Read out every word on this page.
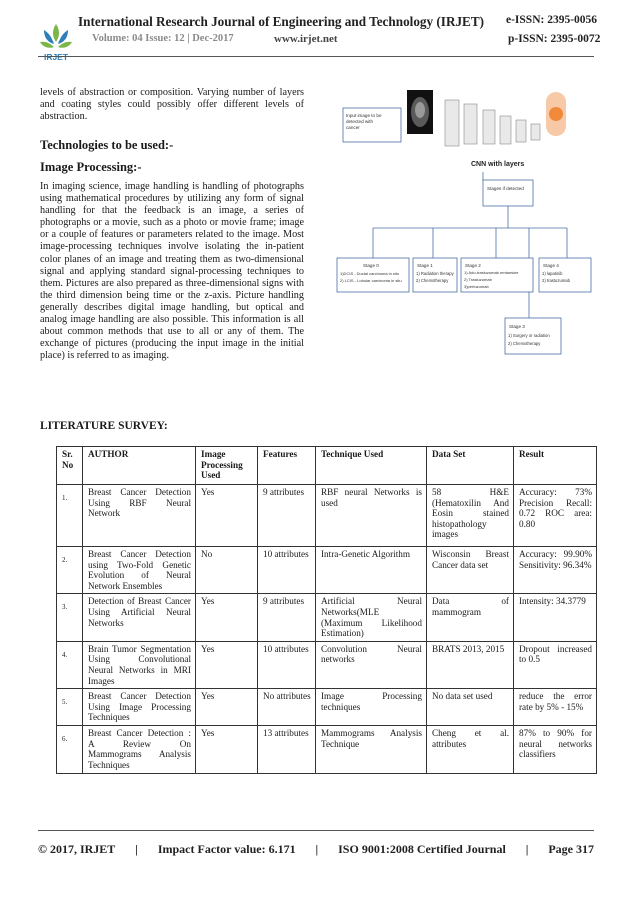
IRJET
International Research Journal of Engineering and Technology (IRJET) e-ISSN: 2395-0056
Volume: 04 Issue: 12 | Dec-2017	www.irjet.net	p-ISSN: 2395-0072
levels of abstraction or composition. Varying number of layers and coating styles could possibly offer different levels of abstraction.
Technologies to be used:-
Image Processing:-
In imaging science, image handling is handling of photographs using mathematical procedures by utilizing any form of signal handling for that the feedback is an image, a series of photographs or a movie, such as a photo or movie frame; image or a couple of features or parameters related to the image. Most image-processing techniques involve isolating the in-patient color planes of an image and treating them as two-dimensional signal and applying standard signal-processing techniques to them. Pictures are also prepared as three-dimensional signs with the third dimension being time or the z-axis. Picture handling generally describes digital image handling, but optical and analog image handling are also possible. This information is all about common methods that use to all or any of them. The exchange of pictures (producing the input image in the initial place) is referred to as imaging.
LITERATURE SURVEY:
Input image to be detected with cancer
CNN with layers
Stages if detected
Stage 0
1)DCIS - Ductal carcinoma in situ
2) LCIS - Lobular carcinoma in situ
Stage 1
1) Radiation therapy
2) Chemotherapy
Stage 2
1) Ado-trastuzumab emtansine
2) Trastuzumab
3)pertuzumab
Stage 4
1) lapatinib
2) trastuzumab
Stage 3
1) Surgery or radiation
2) Chemotherapy
Sr. No	AUTHOR	Image Processing Used	Features	Technique Used	Data Set	Result
1.	Breast Cancer Detection Using RBF Neural Network	Yes	9 attributes	RBF neural Networks is used	58 H&E (Hematoxilin And Eosin stained histopathology images	Accuracy: 73% Precision Recall: 0.72 ROC area: 0.80
2.	Breast Cancer Detection using Two-Fold Genetic Evolution of Neural Network Ensembles	No	10 attributes	Intra-Genetic Algorithm	Wisconsin Breast Cancer data set	Accuracy: 99.90% Sensitivity: 96.34%
3.	Detection of Breast Cancer Using Artificial Neural Networks	Yes	9 attributes	Artificial Neural Networks(MLE (Maximum Likelihood Estimation)	Data of mammogram	Intensity: 34.3779
4.	Brain Tumor Segmentation Using Convolutional Neural Networks in MRI Images	Yes	10 attributes	Convolution Neural networks	BRATS 2013, 2015	Dropout increased to 0.5
5.	Breast Cancer Detection Using Image Processing Techniques	Yes	No attributes	Image Processing techniques	No data set used	reduce the error rate by 5% - 15%
6.	Breast Cancer Detection : A Review On Mammograms Analysis Techniques	Yes	13 attributes	Mammograms Analysis Technique	Cheng et al. attributes	87% to 90% for neural networks classifiers
© 2017, IRJET | Impact Factor value: 6.171 | ISO 9001:2008 Certified Journal | Page 317
